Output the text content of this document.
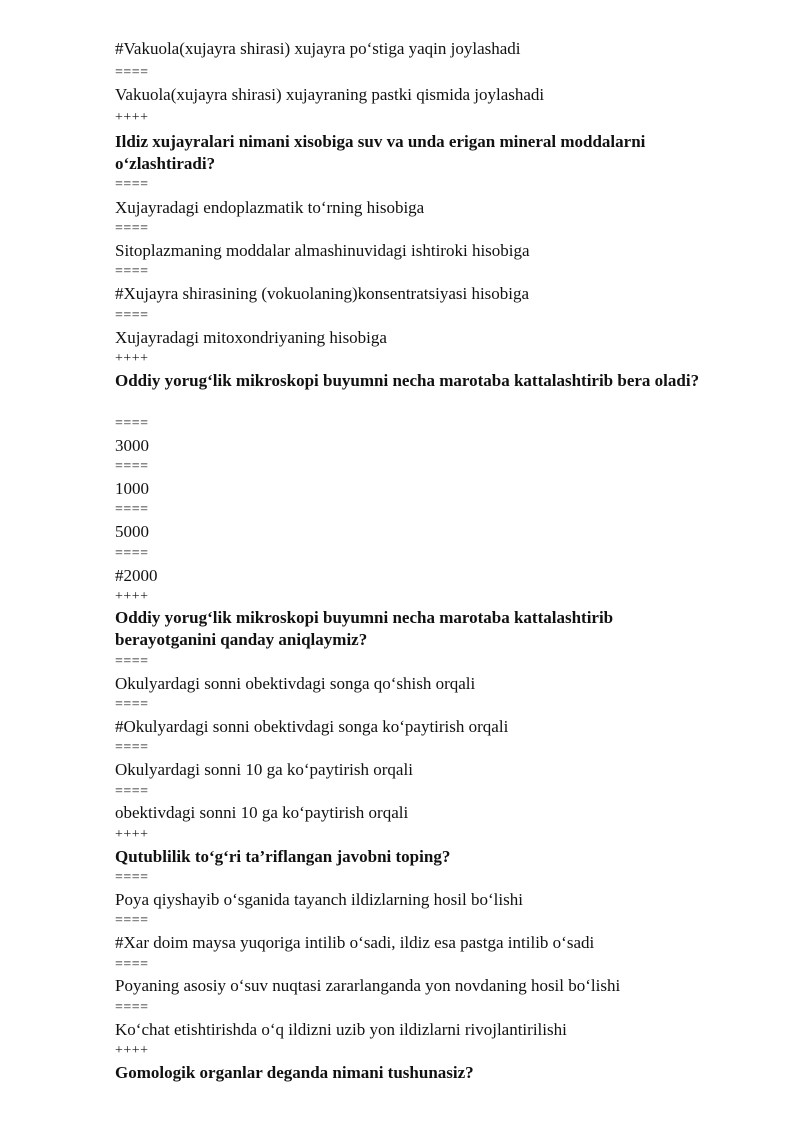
#Vakuola(xujayra shirasi) xujayra po‘stiga yaqin joylashadi
====
Vakuola(xujayra shirasi) xujayraning pastki qismida joylashadi
++++
Ildiz xujayralari nimani xisobiga suv va unda erigan mineral moddalarni o‘zlashtiradi?
====
Xujayradagi endoplazmatik to‘rning hisobiga
====
Sitoplazmaning moddalar almashinuvidagi ishtiroki hisobiga
====
#Xujayra shirasining (vokuolaning)konsentratsiyasi hisobiga
====
Xujayradagi mitoxondriyaning hisobiga
++++
Oddiy yorug‘lik mikroskopi buyumni necha marotaba kattalashtirib bera oladi?
====
3000
====
1000
====
5000
====
#2000
++++
Oddiy yorug‘lik mikroskopi buyumni necha marotaba kattalashtirib berayotganini qanday aniqlaymiz?
====
Okulyardagi sonni obektivdagi songa qo‘shish orqali
====
#Okulyardagi sonni obektivdagi songa ko‘paytirish orqali
====
Okulyardagi sonni 10 ga ko‘paytirish orqali
====
obektivdagi sonni 10 ga ko‘paytirish orqali
++++
Qutublilik to‘g‘ri ta’riflangan javobni toping?
====
Poya qiyshayib o‘sganida tayanch ildizlarning hosil bo‘lishi
====
#Xar doim maysa yuqoriga intilib o‘sadi, ildiz esa pastga intilib o‘sadi
====
Poyaning asosiy o‘suv nuqtasi zararlanganda yon novdaning hosil bo‘lishi
====
Ko‘chat etishtirishda o‘q ildizni uzib yon ildizlarni rivojlantirilishi
++++
Gomologik organlar deganda nimani tushunasiz?
